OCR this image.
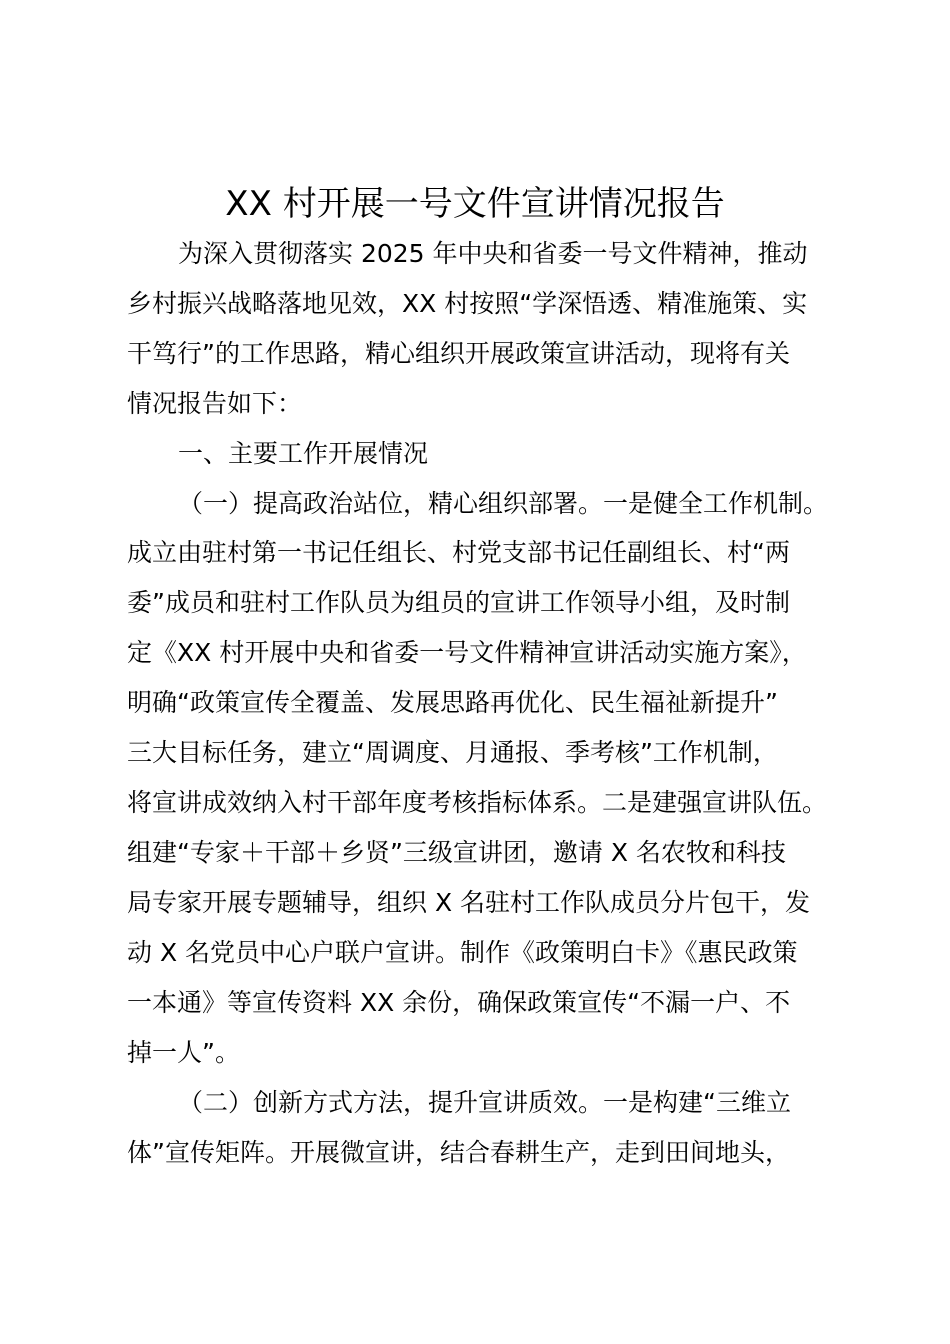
XX 村开展一号文件宣讲情况报告
为深入贯彻落实 2025 年中央和省委一号文件精神，推动
乡村振兴战略落地见效，XX 村按照“学深悟透、精准施策、实
干笃行”的工作思路，精心组织开展政策宣讲活动，现将有关
情况报告如下：
一、主要工作开展情况
（一）提高政治站位，精心组织部署。一是健全工作机制。
成立由驻村第一书记任组长、村党支部书记任副组长、村“两
委”成员和驻村工作队员为组员的宣讲工作领导小组，及时制
定《XX 村开展中央和省委一号文件精神宣讲活动实施方案》，
明确“政策宣传全覆盖、发展思路再优化、民生福祉新提升”
三大目标任务，建立“周调度、月通报、季考核”工作机制，
将宣讲成效纳入村干部年度考核指标体系。二是建强宣讲队伍。
组建“专家＋干部＋乡贤”三级宣讲团，邀请 X 名农牧和科技
局专家开展专题辅导，组织 X 名驻村工作队成员分片包干，发
动 X 名党员中心户联户宣讲。制作《政策明白卡》《惠民政策
一本通》等宣传资料 XX 余份，确保政策宣传“不漏一户、不
掉一人”。
（二）创新方式方法，提升宣讲质效。一是构建“三维立
体”宣传矩阵。开展微宣讲，结合春耕生产，走到田间地头，
